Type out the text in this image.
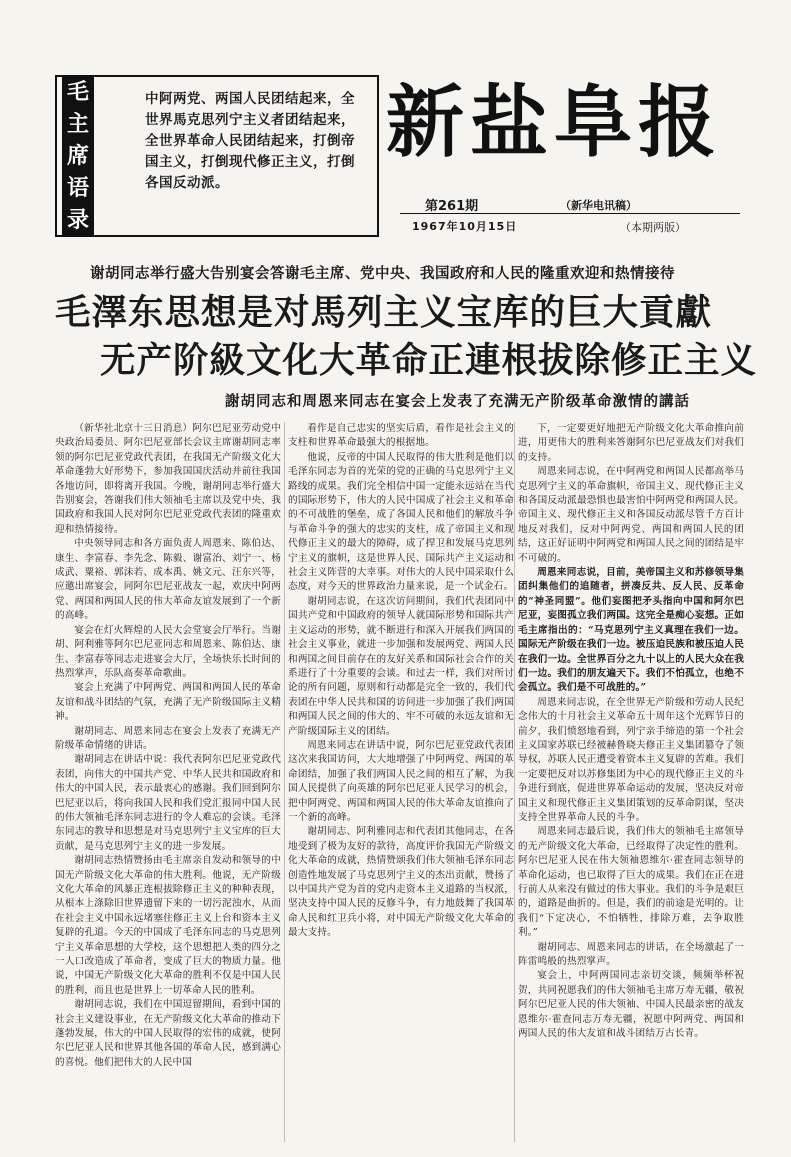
毛
主
席
语
录
中阿两党、两国人民团结起来，全世界馬克思列宁主义者团结起来，全世界革命人民团结起来，打倒帝国主义，打倒现代修正主义，打倒各国反动派。
新盐阜报
第261期	（新华电讯稿）
1967年10月15日	（本期两版）
谢胡同志举行盛大告别宴会答谢毛主席、党中央、我国政府和人民的隆重欢迎和热情接待
毛澤东思想是对馬列主义宝库的巨大貢獻
无产阶級文化大革命正連根拔除修正主义
謝胡同志和周恩来同志在宴会上发表了充满无产阶级革命激情的講話

（新华社北京十三日消息）阿尔巴尼亚劳动党中央政治局委员、阿尔巴尼亚部长会议主席谢胡同志率领的阿尔巴尼亚党政代表团，在我国无产阶级文化大革命蓬勃大好形势下，参加我国国庆活动并前往我国各地访问，即将离开我国。今晚，谢胡同志举行盛大告别宴会，答谢我们伟大领袖毛主席以及党中央、我国政府和我国人民对阿尔巴尼亚党政代表团的隆重欢迎和热情接待。

中央领导同志和各方面负责人周恩来、陈伯达、康生、李富春、李先念、陈毅、谢富治、刘宁一、杨成武、粟裕、郭沫若、成本禹、姚文元、汪东兴等，应邀出席宴会，同阿尔巴尼亚战友一起，欢庆中阿两党、两国和两国人民的伟大革命友谊发展到了一个新的高峰。

宴会在灯火辉煌的人民大会堂宴会厅举行。当谢胡、阿利雅等阿尔巴尼亚同志和周恩来、陈伯达、康生、李富春等同志走进宴会大厅，全场快乐长时间的热烈掌声，乐队高奏革命歌曲。

宴会上充满了中阿两党、两国和两国人民的革命友谊和战斗团结的气氛，充满了无产阶级国际主义精神。

谢胡同志、周恩来同志在宴会上发表了充满无产阶级革命情绪的讲话。

谢胡同志在讲话中说：我代表阿尔巴尼亚党政代表团，向伟大的中国共产党、中华人民共和国政府和伟大的中国人民，表示最衷心的感谢。我们回到阿尔巴尼亚以后，将向我国人民和我们党汇报同中国人民的伟大领袖毛泽东同志进行的令人难忘的会谈。毛泽东同志的教导和思想是对马克思列宁主义宝库的巨大贡献，是马克思列宁主义的进一步发展。

谢胡同志热情赞扬由毛主席亲自发动和领导的中国无产阶级文化大革命的伟大胜利。他说，无产阶级文化大革命的风暴正连根拔除修正主义的种种表现，从根本上涤除旧世界遗留下来的一切污泥浊水，从而在社会主义中国永远堵塞住修正主义上台和资本主义复辟的孔道。今天的中国成了毛泽东同志的马克思列宁主义革命思想的大学校，这个思想把人类的四分之一人口改造成了革命者，变成了巨大的物质力量。他说，中国无产阶级文化大革命的胜利不仅是中国人民的胜利，而且也是世界上一切革命人民的胜利。

谢胡同志说，我们在中国逗留期间，看到中国的社会主义建设事业，在无产阶级文化大革命的推动下蓬勃发展，伟大的中国人民取得的宏伟的成就，使阿尔巴尼亚人民和世界其他各国的革命人民，感到满心的喜悦。他们把伟大的人民中国

看作是自己忠实的坚实后盾，看作是社会主义的支柱和世界革命最强大的根据地。

他说，反帝的中国人民取得的伟大胜利是他们以毛泽东同志为首的光荣的党的正确的马克思列宁主义路线的成果。我们完全相信中国一定能永远站在当代的国际形势下，伟大的人民中国成了社会主义和革命的不可战胜的堡垒，成了各国人民和他们的解放斗争与革命斗争的强大的忠实的支柱，成了帝国主义和现代修正主义的最大的障碍，成了捍卫和发展马克思列宁主义的旗帜，这是世界人民、国际共产主义运动和社会主义阵营的大幸事。对伟大的人民中国采取什么态度，对今天的世界政治力量来说，是一个试金石。

谢胡同志说，在这次访问期间，我们代表团同中国共产党和中国政府的领导人就国际形势和国际共产主义运动的形势，就不断进行和深入开展我们两国的社会主义事业，就进一步加强和发展两党、两国人民和两国之间目前存在的友好关系和国际社会合作的关系进行了十分重要的会谈。和过去一样，我们对所讨论的所有问题，原则和行动都是完全一致的，我们代表团在中华人民共和国的访问进一步加强了我们两国和两国人民之间的伟大的、牢不可破的永远友谊和无产阶级国际主义的团结。

周恩来同志在讲话中说，阿尔巴尼亚党政代表团这次来我国访问，大大地增强了中阿两党、两国的革命团结，加强了我们两国人民之间的相互了解，为我国人民提供了向英雄的阿尔巴尼亚人民学习的机会，把中阿两党、两国和两国人民的伟大革命友谊推向了一个新的高峰。

谢胡同志、阿利雅同志和代表团其他同志，在各地受到了极为友好的款待，高度评价我国无产阶级文化大革命的成就，热情赞颂我们伟大领袖毛泽东同志创造性地发展了马克思列宁主义的杰出贡献，赞扬了以中国共产党为首的党内走资本主义道路的当权派，坚决支持中国人民的反修斗争，有力地鼓舞了我国革命人民和红卫兵小将，对中国无产阶级文化大革命的最大支持。

下，一定要更好地把无产阶级文化大革命推向前进，用更伟大的胜利来答谢阿尔巴尼亚战友们对我们的支持。

周恩来同志说，在中阿两党和两国人民都高举马克思列宁主义的革命旗帜，帝国主义、现代修正主义和各国反动派最恐惧也最害怕中阿两党和两国人民。帝国主义、现代修正主义和各国反动派尽管千方百计地反对我们，反对中阿两党、两国和两国人民的团结，这正好证明中阿两党和两国人民之间的团结是牢不可破的。

周恩来同志说，目前，美帝国主义和苏修领导集团纠集他们的追随者，拼凑反共、反人民、反革命的“神圣同盟”。他们妄图把矛头指向中国和阿尔巴尼亚，妄图孤立我们两国。这完全是痴心妄想。正如毛主席指出的：“马克思列宁主义真理在我们一边。国际无产阶级在我们一边。被压迫民族和被压迫人民在我们一边。全世界百分之九十以上的人民大众在我们一边。我们的朋友遍天下。我们不怕孤立，也绝不会孤立。我们是不可战胜的。”

周恩来同志说，在全世界无产阶级和劳动人民纪念伟大的十月社会主义革命五十周年这个光辉节日的前夕，我们愤怒地看到，列宁亲手缔造的第一个社会主义国家苏联已经被赫鲁晓夫修正主义集团篡夺了领导权，苏联人民正遭受着资本主义复辟的苦难。我们一定要把反对以苏修集团为中心的现代修正主义的斗争进行到底，促进世界革命运动的发展，坚决反对帝国主义和现代修正主义集团策划的反革命阴谋，坚决支持全世界革命人民的斗争。

周恩来同志最后说，我们伟大的领袖毛主席领导的无产阶级文化大革命，已经取得了决定性的胜利。阿尔巴尼亚人民在伟大领袖恩维尔·霍查同志领导的革命化运动，也已取得了巨大的成果。我们在正在进行前人从来没有做过的伟大事业。我们的斗争是艰巨的，道路是曲折的。但是，我们的前途是光明的。让我们“下定决心，不怕牺牲，排除万难，去争取胜利。”

谢胡同志、周恩来同志的讲话，在全场激起了一阵雷鸣般的热烈掌声。

宴会上，中阿两国同志亲切交谈，频频举杯祝贺，共同祝愿我们的伟大领袖毛主席万寿无疆，敬祝阿尔巴尼亚人民的伟大领袖、中国人民最亲密的战友恩维尔·霍查同志万寿无疆，祝愿中阿两党、两国和两国人民的伟大友谊和战斗团结万古长青。
